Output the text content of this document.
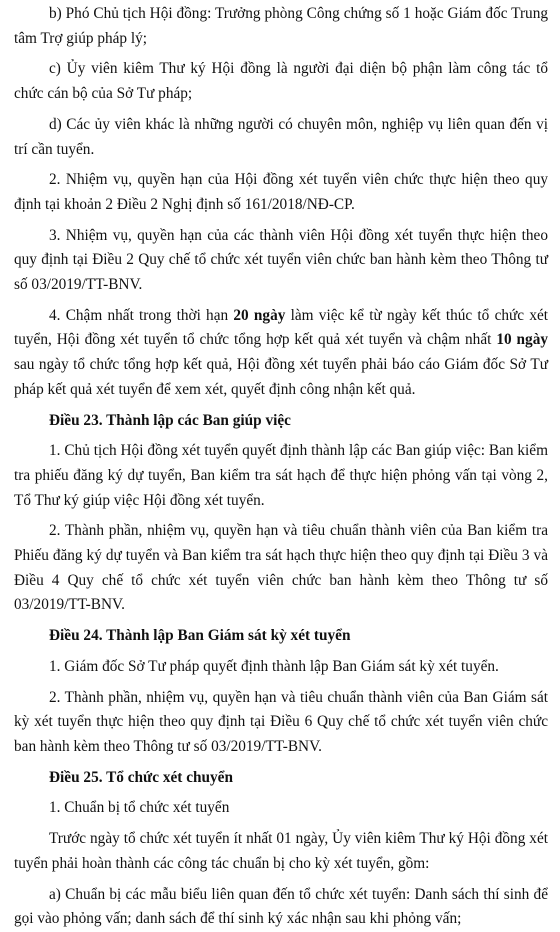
b) Phó Chủ tịch Hội đồng: Trưởng phòng Công chứng số 1 hoặc Giám đốc Trung tâm Trợ giúp pháp lý;

c) Ủy viên kiêm Thư ký Hội đồng là người đại diện bộ phận làm công tác tổ chức cán bộ của Sở Tư pháp;

d) Các ủy viên khác là những người có chuyên môn, nghiệp vụ liên quan đến vị trí cần tuyển.

2. Nhiệm vụ, quyền hạn của Hội đồng xét tuyển viên chức thực hiện theo quy định tại khoản 2 Điều 2 Nghị định số 161/2018/NĐ-CP.

3. Nhiệm vụ, quyền hạn của các thành viên Hội đồng xét tuyển thực hiện theo quy định tại Điều 2 Quy chế tổ chức xét tuyển viên chức ban hành kèm theo Thông tư số 03/2019/TT-BNV.

4. Chậm nhất trong thời hạn 20 ngày làm việc kể từ ngày kết thúc tổ chức xét tuyển, Hội đồng xét tuyển tổ chức tổng hợp kết quả xét tuyển và chậm nhất 10 ngày sau ngày tổ chức tổng hợp kết quả, Hội đồng xét tuyển phải báo cáo Giám đốc Sở Tư pháp kết quả xét tuyển để xem xét, quyết định công nhận kết quả.

Điều 23. Thành lập các Ban giúp việc

1. Chủ tịch Hội đồng xét tuyển quyết định thành lập các Ban giúp việc: Ban kiểm tra phiếu đăng ký dự tuyển, Ban kiểm tra sát hạch để thực hiện phỏng vấn tại vòng 2, Tổ Thư ký giúp việc Hội đồng xét tuyển.

2. Thành phần, nhiệm vụ, quyền hạn và tiêu chuẩn thành viên của Ban kiểm tra Phiếu đăng ký dự tuyển và Ban kiểm tra sát hạch thực hiện theo quy định tại Điều 3 và Điều 4 Quy chế tổ chức xét tuyển viên chức ban hành kèm theo Thông tư số 03/2019/TT-BNV.

Điều 24. Thành lập Ban Giám sát kỳ xét tuyển

1. Giám đốc Sở Tư pháp quyết định thành lập Ban Giám sát kỳ xét tuyển.

2. Thành phần, nhiệm vụ, quyền hạn và tiêu chuẩn thành viên của Ban Giám sát kỳ xét tuyển thực hiện theo quy định tại Điều 6 Quy chế tổ chức xét tuyển viên chức ban hành kèm theo Thông tư số 03/2019/TT-BNV.

Điều 25. Tổ chức xét chuyển

1. Chuẩn bị tổ chức xét tuyển

Trước ngày tổ chức xét tuyển ít nhất 01 ngày, Ủy viên kiêm Thư ký Hội đồng xét tuyển phải hoàn thành các công tác chuẩn bị cho kỳ xét tuyển, gồm:

a) Chuẩn bị các mẫu biểu liên quan đến tổ chức xét tuyển: Danh sách thí sinh để gọi vào phỏng vấn; danh sách để thí sinh ký xác nhận sau khi phỏng vấn;
